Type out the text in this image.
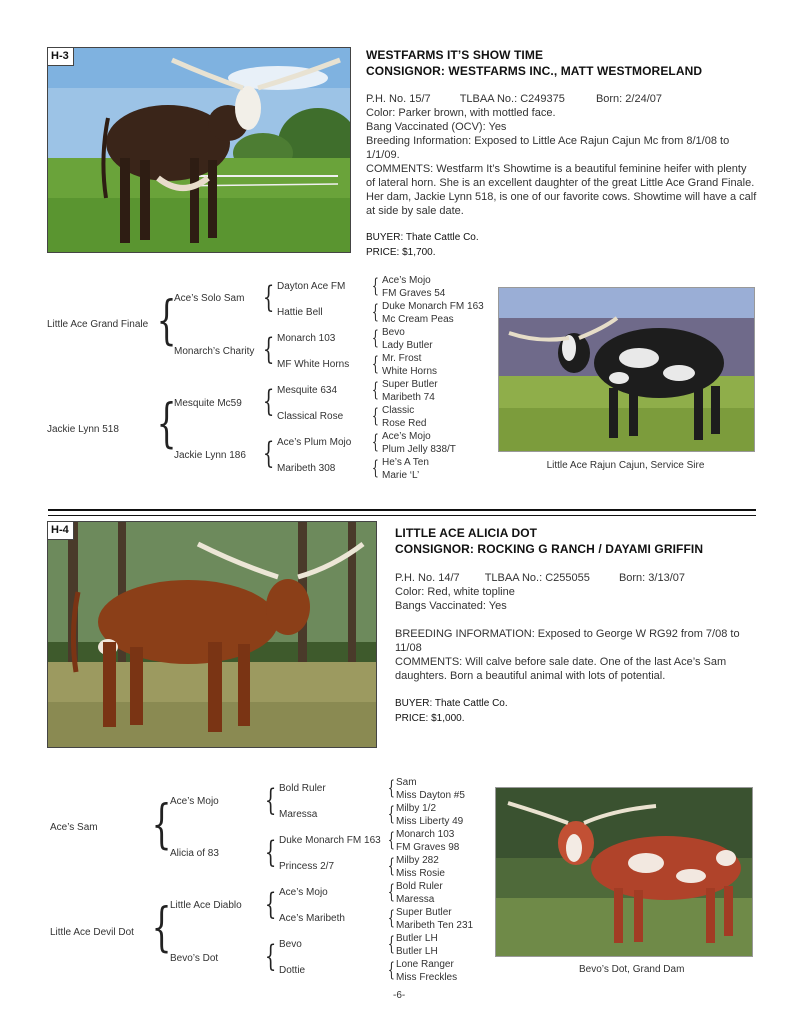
H-3	WESTFARMS IT’S SHOW TIME
CONSIGNOR: WESTFARMS INC., MATT WESTMORELAND

P.H. No. 15/7	TLBAA No.: C249375	Born: 2/24/07

Color: Parker brown, with mottled face.

Bang Vaccinated (OCV): Yes

Breeding Information: Exposed to Little Ace Rajun Cajun Mc from 8/1/08 to 1/1/09.

COMMENTS: Westfarm It’s Showtime is a beautiful feminine heifer with plenty of lateral horn. She is an excellent daughter of the great Little Ace Grand Finale. Her dam, Jackie Lynn 518, is one of our favorite cows. Showtime will have a calf at side by sale date.

BUYER: Thate Cattle Co.
PRICE: $1,700.
Little Ace Grand Finale
Jackie Lynn 518
{
{
Ace’s Solo Sam
Monarch’s Charity
Mesquite Mc59
Jackie Lynn 186
{
{
{
{
Dayton Ace FM
Hattie Bell
Monarch 103
MF White Horns
Mesquite 634
Classical Rose
Ace’s Plum Mojo
Maribeth 308
{
{
{
{
{
{
{
{
Ace’s Mojo
FM Graves 54
Duke Monarch FM 163
Mc Cream Peas
Bevo
Lady Butler
Mr. Frost
White Horns
Super Butler
Maribeth 74
Classic
Rose Red
Ace’s Mojo
Plum Jelly 838/T
He’s A Ten
Marie ‘L’
Little Ace Rajun Cajun, Service Sire
H-4	LITTLE ACE ALICIA DOT
CONSIGNOR: ROCKING G RANCH / DAYAMI GRIFFIN

P.H. No. 14/7 TLBAA No.: C255055	Born: 3/13/07

Color: Red, white topline

Bangs Vaccinated: Yes

BREEDING INFORMATION: Exposed to George W RG92 from 7/08 to 11/08

COMMENTS: Will calve before sale date. One of the last Ace’s Sam daughters. Born a beautiful animal with lots of potential.

BUYER: Thate Cattle Co.
PRICE: $1,000.
Ace’s Sam
Little Ace Devil Dot
{
{
Ace’s Mojo
Alicia of 83
Little Ace Diablo
Bevo’s Dot
{
{
{
{
Bold Ruler
Maressa
Duke Monarch FM 163
Princess 2/7
Ace’s Mojo
Ace’s Maribeth
Bevo
Dottie
{
{
{
{
{
{
{
{
Sam
Miss Dayton #5
Milby 1/2
Miss Liberty 49
Monarch 103
FM Graves 98
Milby 282
Miss Rosie
Bold Ruler
Maressa
Super Butler
Maribeth Ten 231
Butler LH
Butler LH
Lone Ranger
Miss Freckles
Bevo’s Dot, Grand Dam
-6-
